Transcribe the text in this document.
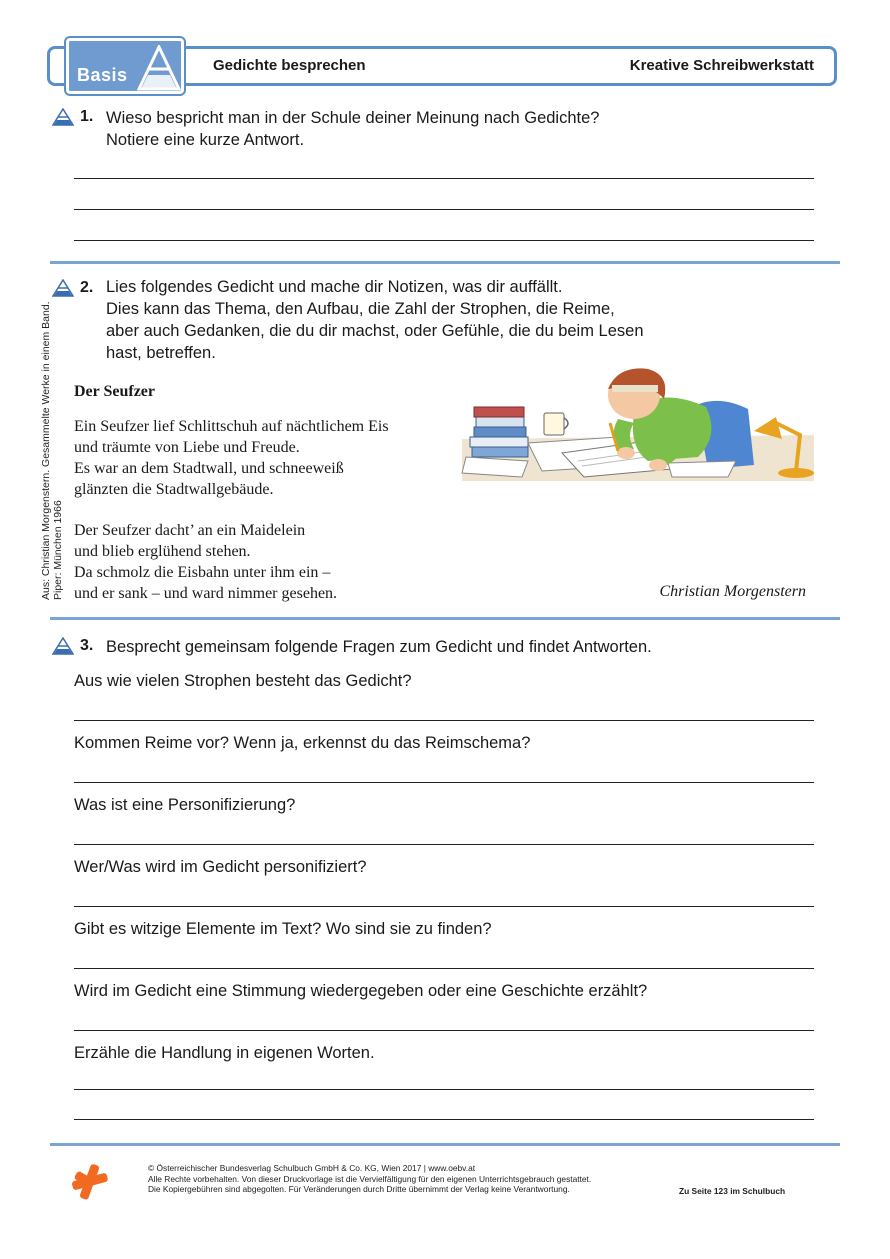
Basis	Gedichte besprechen	Kreative Schreibwerkstatt
1. Wieso bespricht man in der Schule deiner Meinung nach Gedichte?
Notiere eine kurze Antwort.
2. Lies folgendes Gedicht und mache dir Notizen, was dir auffällt.
Dies kann das Thema, den Aufbau, die Zahl der Strophen, die Reime,
aber auch Gedanken, die du dir machst, oder Gefühle, die du beim Lesen
hast, betreffen.
Aus: Christian Morgenstern. Gesammelte Werke in einem Band. Piper: München 1966
Der Seufzer
Ein Seufzer lief Schlittschuh auf nächtlichem Eis
und träumte von Liebe und Freude.
Es war an dem Stadtwall, und schneeweiß
glänzten die Stadtwallgebäude.
Der Seufzer dacht’ an ein Maidelein
und blieb erglühend stehen.
Da schmolz die Eisbahn unter ihm ein –
und er sank – und ward nimmer gesehen.	Christian Morgenstern
3. Besprecht gemeinsam folgende Fragen zum Gedicht und findet Antworten.
Aus wie vielen Strophen besteht das Gedicht?
Kommen Reime vor? Wenn ja, erkennst du das Reimschema?
Was ist eine Personifizierung?
Wer/Was wird im Gedicht personifiziert?
Gibt es witzige Elemente im Text? Wo sind sie zu finden?
Wird im Gedicht eine Stimmung wiedergegeben oder eine Geschichte erzählt?
Erzähle die Handlung in eigenen Worten.
© Österreichischer Bundesverlag Schulbuch GmbH & Co. KG, Wien 2017 | www.oebv.at
Alle Rechte vorbehalten. Von dieser Druckvorlage ist die Vervielfältigung für den eigenen Unterrichtsgebrauch gestattet.
Die Kopiergebühren sind abgegolten. Für Veränderungen durch Dritte übernimmt der Verlag keine Verantwortung.	Zu Seite 123 im Schulbuch
